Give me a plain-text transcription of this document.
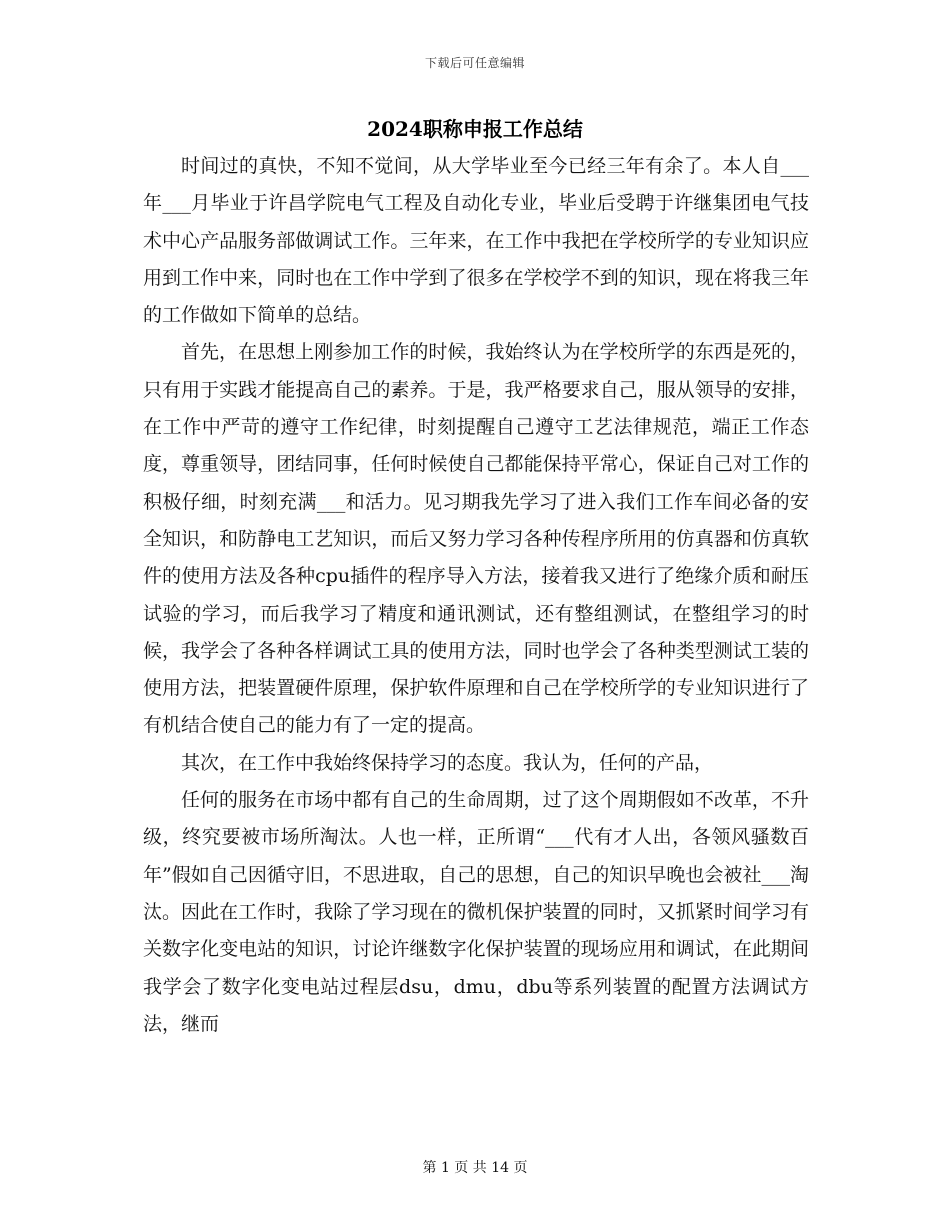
下载后可任意编辑
2024职称申报工作总结

时间过的真快，不知不觉间，从大学毕业至今已经三年有余了。本人自___年___月毕业于许昌学院电气工程及自动化专业，毕业后受聘于许继集团电气技术中心产品服务部做调试工作。三年来，在工作中我把在学校所学的专业知识应用到工作中来，同时也在工作中学到了很多在学校学不到的知识，现在将我三年的工作做如下简单的总结。

首先，在思想上刚参加工作的时候，我始终认为在学校所学的东西是死的，只有用于实践才能提高自己的素养。于是，我严格要求自己，服从领导的安排，在工作中严苛的遵守工作纪律，时刻提醒自己遵守工艺法律规范，端正工作态度，尊重领导，团结同事，任何时候使自己都能保持平常心，保证自己对工作的积极仔细，时刻充满___和活力。见习期我先学习了进入我们工作车间必备的安全知识，和防静电工艺知识，而后又努力学习各种传程序所用的仿真器和仿真软件的使用方法及各种cpu插件的程序导入方法，接着我又进行了绝缘介质和耐压试验的学习，而后我学习了精度和通讯测试，还有整组测试，在整组学习的时候，我学会了各种各样调试工具的使用方法，同时也学会了各种类型测试工装的使用方法，把装置硬件原理，保护软件原理和自己在学校所学的专业知识进行了有机结合使自己的能力有了一定的提高。

其次，在工作中我始终保持学习的态度。我认为，任何的产品，

任何的服务在市场中都有自己的生命周期，过了这个周期假如不改革，不升级，终究要被市场所淘汰。人也一样，正所谓“___代有才人出，各领风骚数百年”假如自己因循守旧，不思进取，自己的思想，自己的知识早晚也会被社___淘汰。因此在工作时，我除了学习现在的微机保护装置的同时，又抓紧时间学习有关数字化变电站的知识，讨论许继数字化保护装置的现场应用和调试，在此期间我学会了数字化变电站过程层dsu，dmu，dbu等系列装置的配置方法调试方法，继而

第 1 页 共 14 页
